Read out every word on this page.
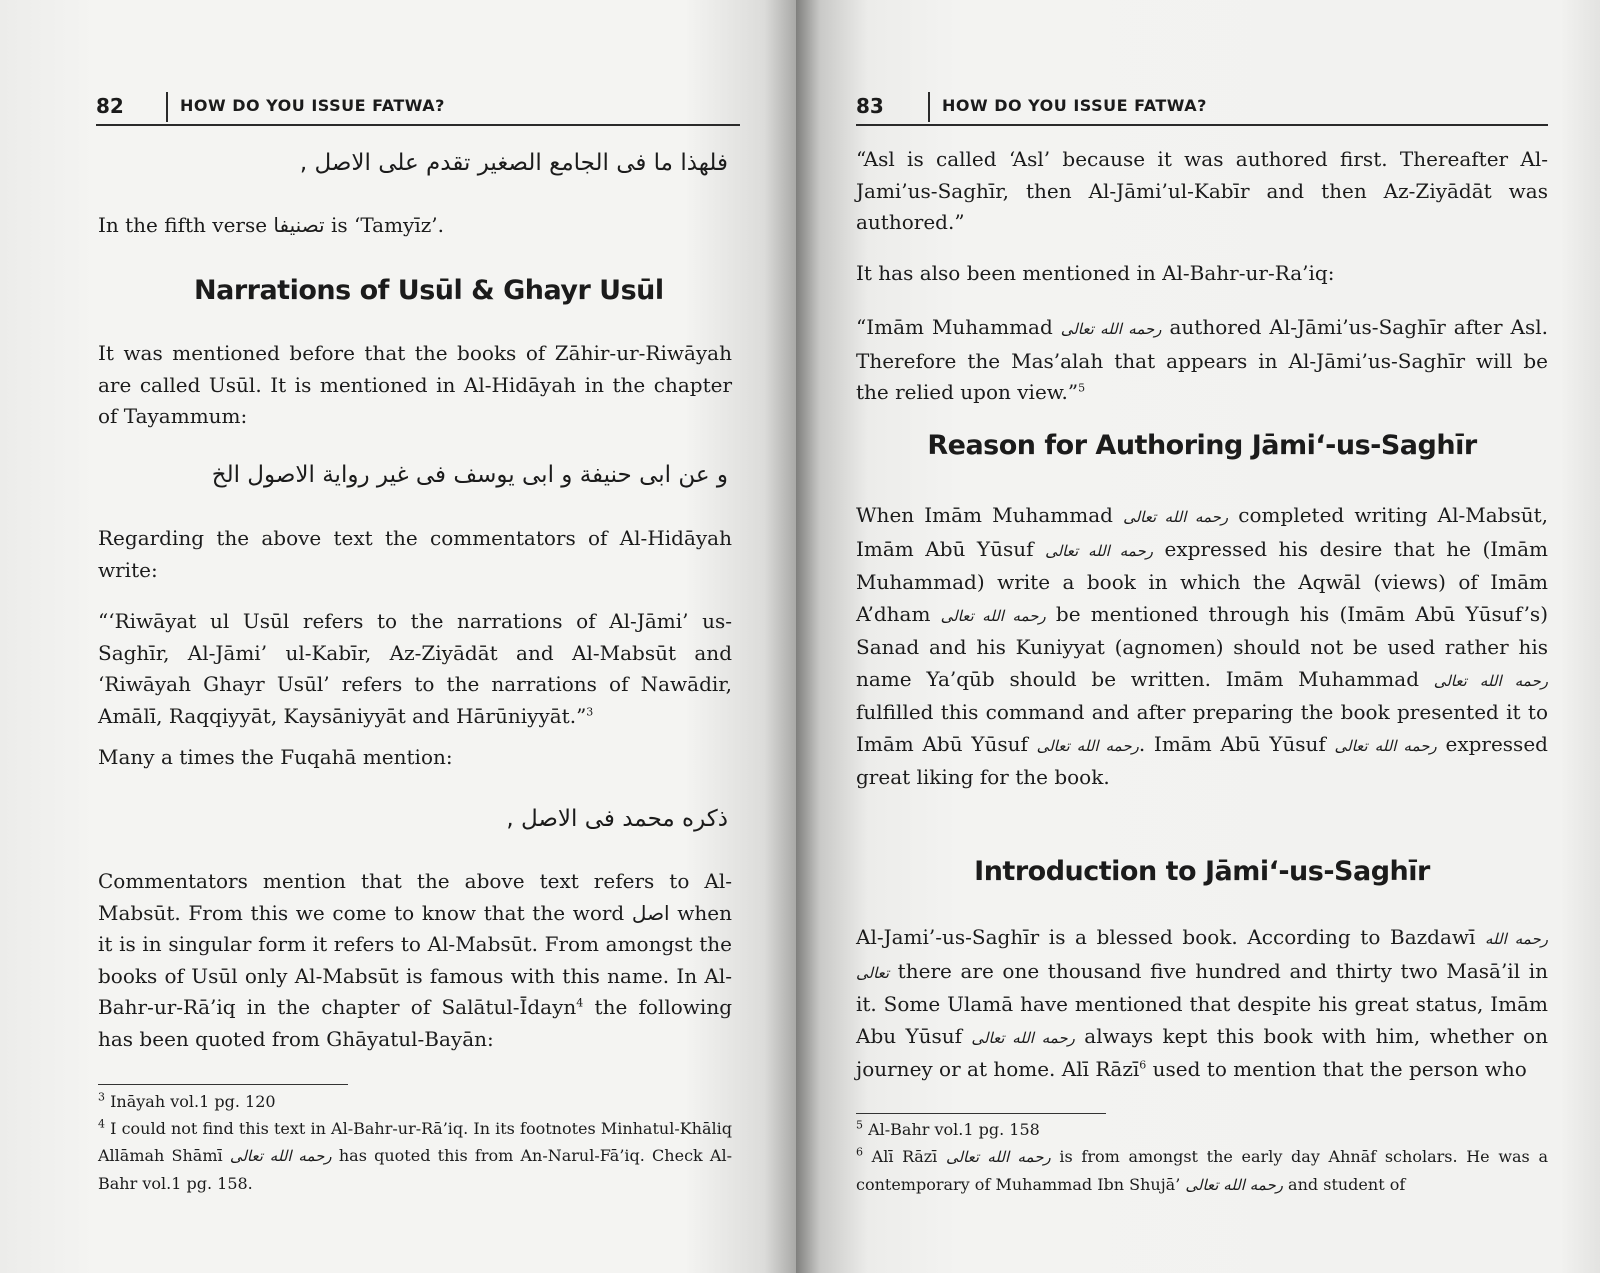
82	HOW DO YOU ISSUE FATWA?

فلهذا ما فى الجامع الصغير تقدم على الاصل ,

In the fifth verse تصنيفا is ‘Tamyīz’.

Narrations of Usūl & Ghayr Usūl

It was mentioned before that the books of Zāhir-ur-Riwāyah are called Usūl. It is mentioned in Al-Hidāyah in the chapter of Tayammum:

و عن ابى حنيفة و ابى يوسف فى غير رواية الاصول الخ

Regarding the above text the commentators of Al-Hidāyah write:

“‘Riwāyat ul Usūl refers to the narrations of Al-Jāmi’ us-Saghīr, Al-Jāmi’ ul-Kabīr, Az-Ziyādāt and Al-Mabsūt and ‘Riwāyah Ghayr Usūl’ refers to the narrations of Nawādir, Amālī, Raqqiyyāt, Kaysāniyyāt and Hārūniyyāt.”$^3$

Many a times the Fuqahā mention:

ذكره محمد فى الاصل ,

Commentators mention that the above text refers to Al-Mabsūt. From this we come to know that the word اصل when it is in singular form it refers to Al-Mabsūt. From amongst the books of Usūl only Al-Mabsūt is famous with this name. In Al-Bahr-ur-Rā’iq in the chapter of Salātul-Īdayn$^4$ the following has been quoted from Ghāyatul-Bayān:

$^3$ Ināyah vol.1 pg. 120

$^4$ I could not find this text in Al-Bahr-ur-Rā’iq. In its footnotes Minhatul-Khāliq Allāmah Shāmī رحمه الله تعالى has quoted this from An-Narul-Fā’iq. Check Al-Bahr vol.1 pg. 158.

83	HOW DO YOU ISSUE FATWA?

“Asl is called ‘Asl’ because it was authored first. Thereafter Al-Jami’us-Saghīr, then Al-Jāmi’ul-Kabīr and then Az-Ziyādāt was authored.”

It has also been mentioned in Al-Bahr-ur-Ra’iq:

“Imām Muhammad رحمه الله تعالى authored Al-Jāmi’us-Saghīr after Asl. Therefore the Mas’alah that appears in Al-Jāmi’us-Saghīr will be the relied upon view.”$^5$

Reason for Authoring Jāmi‘-us-Saghīr

When Imām Muhammad رحمه الله تعالى completed writing Al-Mabsūt, Imām Abū Yūsuf رحمه الله تعالى expressed his desire that he (Imām Muhammad) write a book in which the Aqwāl (views) of Imām A’dham رحمه الله تعالى be mentioned through his (Imām Abū Yūsuf’s) Sanad and his Kuniyyat (agnomen) should not be used rather his name Ya’qūb should be written. Imām Muhammad رحمه الله تعالى fulfilled this command and after preparing the book presented it to Imām Abū Yūsuf رحمه الله تعالى. Imām Abū Yūsuf رحمه الله تعالى expressed great liking for the book.

Introduction to Jāmi‘-us-Saghīr

Al-Jami’-us-Saghīr is a blessed book. According to Bazdawī رحمه الله تعالى there are one thousand five hundred and thirty two Masā’il in it. Some Ulamā have mentioned that despite his great status, Imām Abu Yūsuf رحمه الله تعالى always kept this book with him, whether on journey or at home. Alī Rāzī$^6$ used to mention that the person who

$^5$ Al-Bahr vol.1 pg. 158

$^6$ Alī Rāzī رحمه الله تعالى is from amongst the early day Ahnāf scholars. He was a contemporary of Muhammad Ibn Shujā’ رحمه الله تعالى and student of
